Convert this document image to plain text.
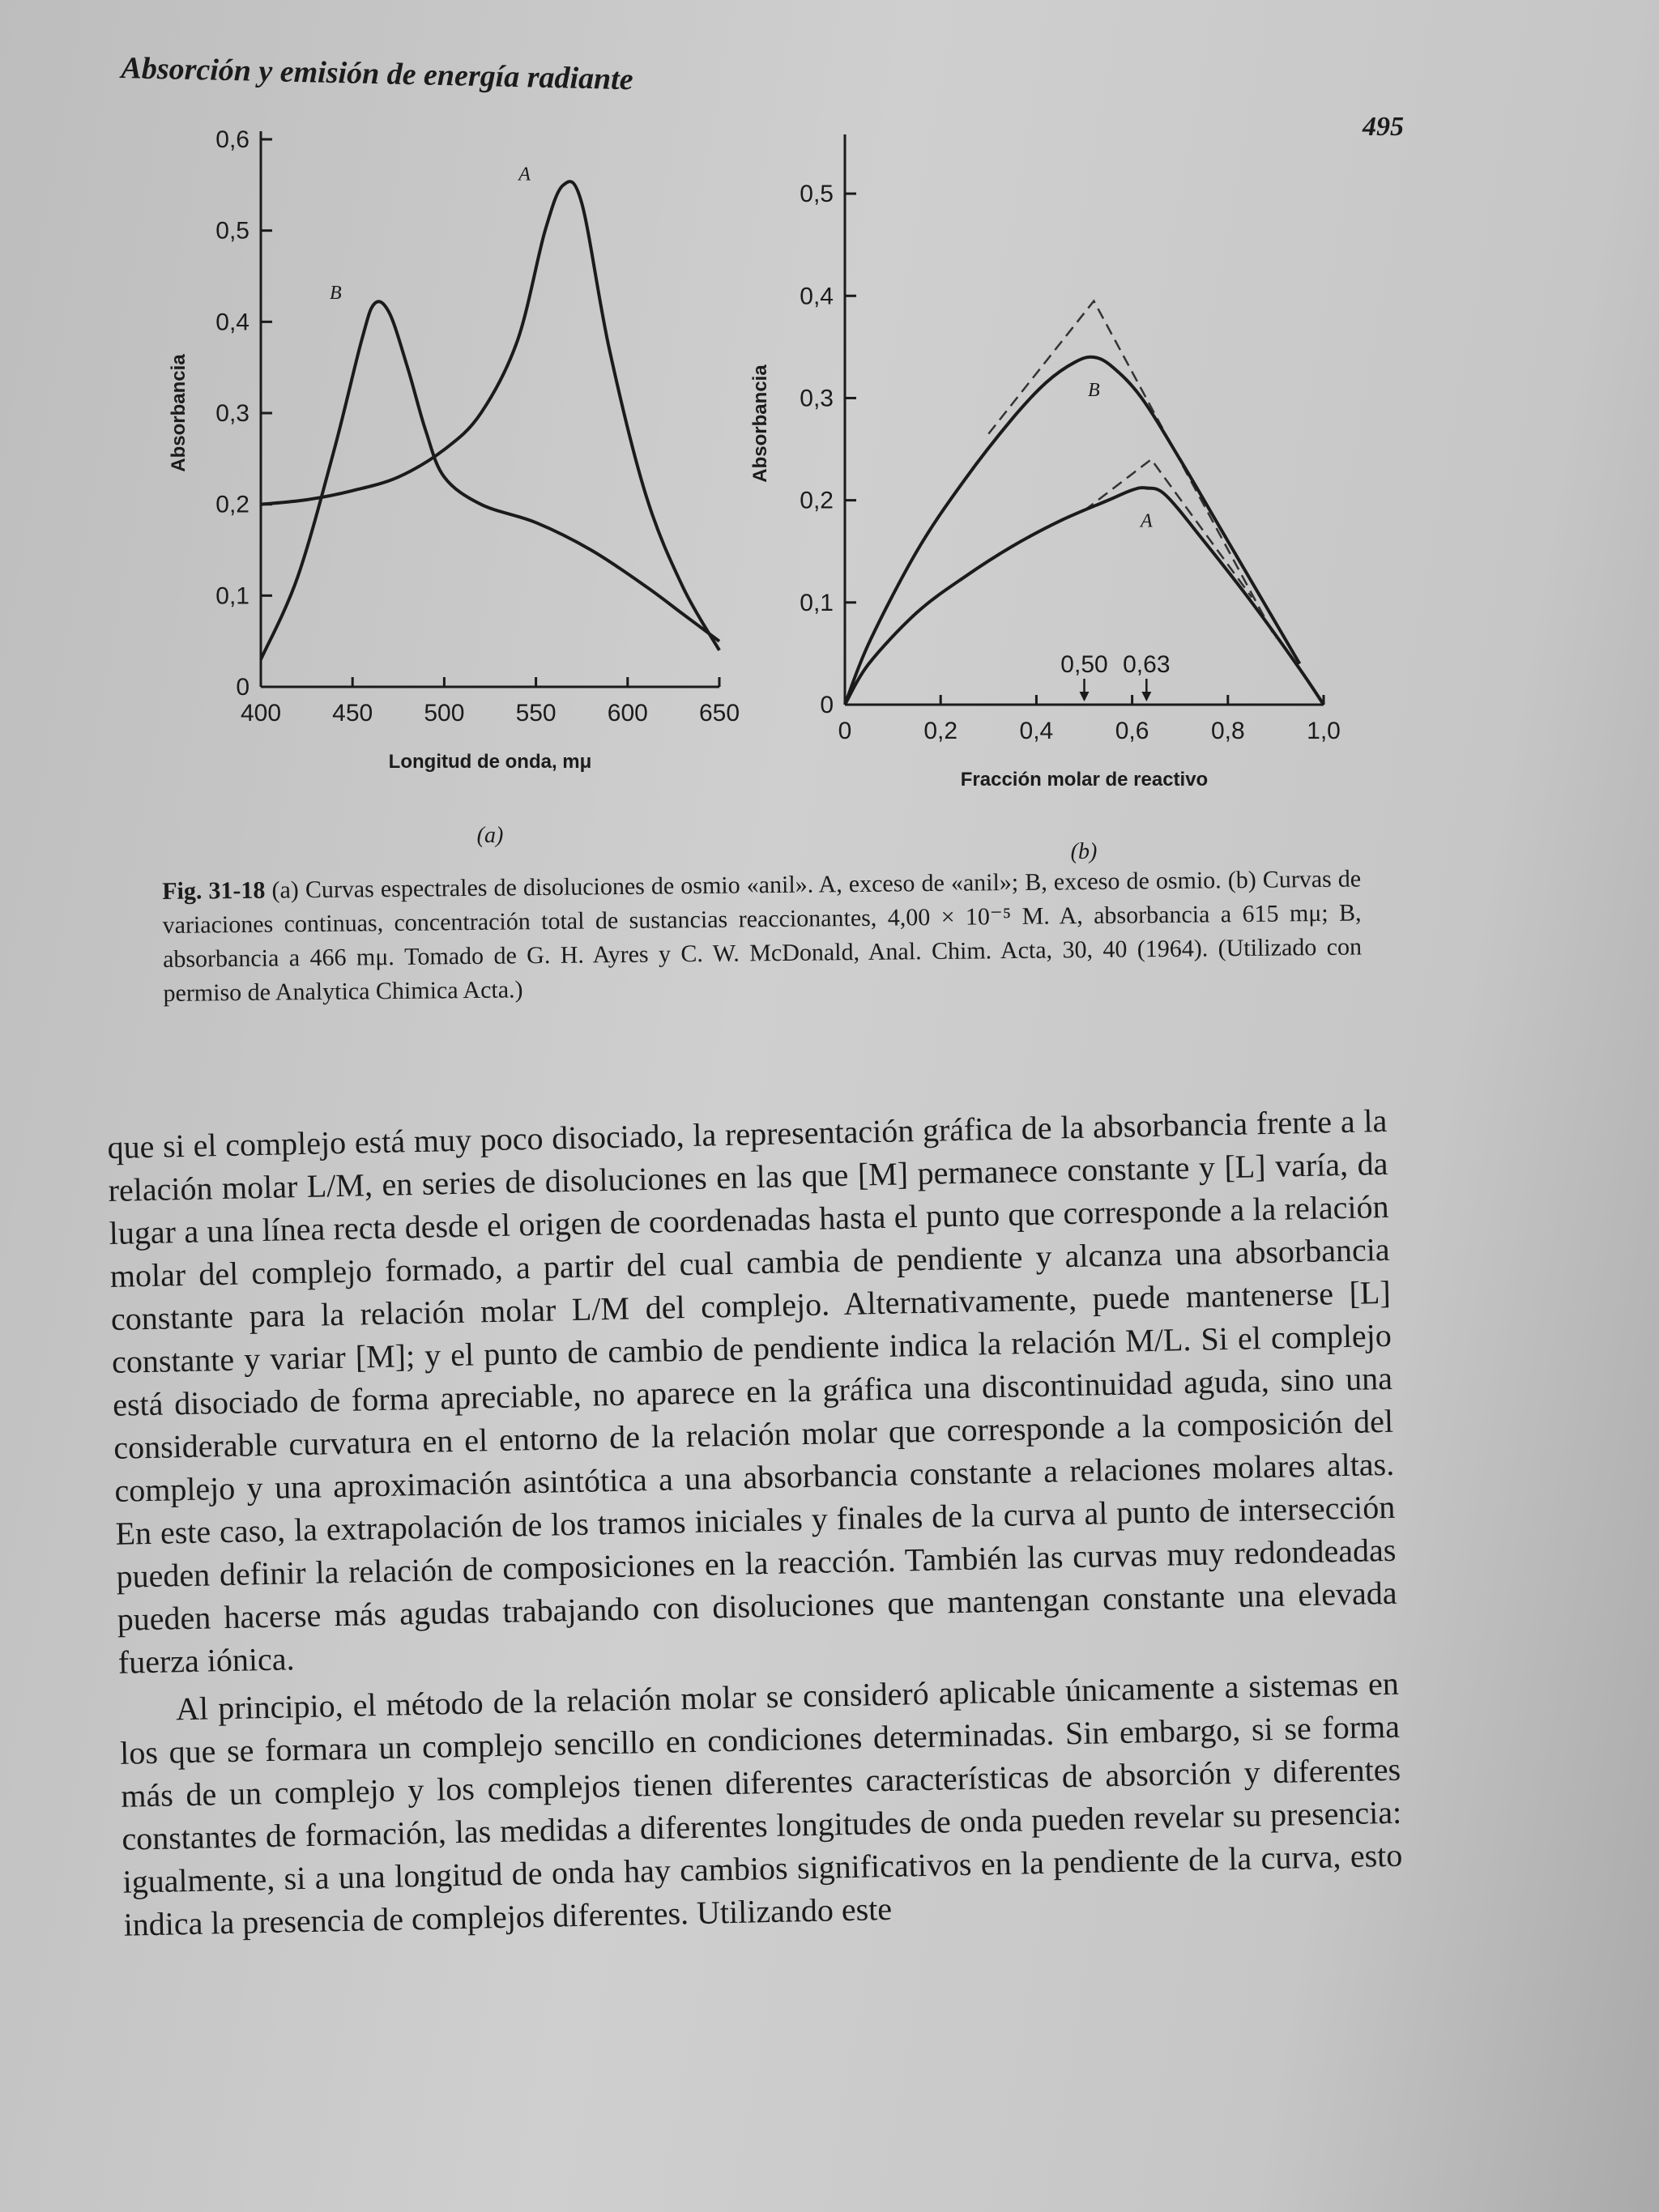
Absorción y emisión de energía radiante
495
400 450 500 550 600 650
0
0,1
0,2
0,3
0,4
0,5
0,6
Longitud de onda, mμ
Absorbancia
(a)
A
B
0	0,2	0,4	0,6	0,8	1,0
0
0,1
0,2
0,3
0,4
0,5
Fracción molar de reactivo
Absorbancia
(b)
B
A
0,50 0,63
Fig. 31-18 (a) Curvas espectrales de disoluciones de osmio «anil». A, exceso de «anil»; B, exceso de osmio. (b) Curvas de variaciones continuas, concentración total de sustancias reaccionantes, 4,00 × 10⁻⁵ M. A, absorbancia a 615 mμ; B, absorbancia a 466 mμ. Tomado de G. H. Ayres y C. W. McDonald, Anal. Chim. Acta, 30, 40 (1964). (Utilizado con permiso de Analytica Chimica Acta.)

que si el complejo está muy poco disociado, la representación gráfica de la absorbancia frente a la relación molar L/M, en series de disoluciones en las que [M] permanece constante y [L] varía, da lugar a una línea recta desde el origen de coordenadas hasta el punto que corresponde a la relación molar del complejo formado, a partir del cual cambia de pendiente y alcanza una absorbancia constante para la relación molar L/M del complejo. Alternativamente, puede mantenerse [L] constante y variar [M]; y el punto de cambio de pendiente indica la relación M/L. Si el complejo está disociado de forma apreciable, no aparece en la gráfica una discontinuidad aguda, sino una considerable curvatura en el entorno de la relación molar que corresponde a la composición del complejo y una aproximación asintótica a una absorbancia constante a relaciones molares altas. En este caso, la extrapolación de los tramos iniciales y finales de la curva al punto de intersección pueden definir la relación de composiciones en la reacción. También las curvas muy redondeadas pueden hacerse más agudas trabajando con disoluciones que mantengan constante una elevada fuerza iónica.

Al principio, el método de la relación molar se consideró aplicable únicamente a sistemas en los que se formara un complejo sencillo en condiciones determinadas. Sin embargo, si se forma más de un complejo y los complejos tienen diferentes características de absorción y diferentes constantes de formación, las medidas a diferentes longitudes de onda pueden revelar su presencia: igualmente, si a una longitud de onda hay cambios significativos en la pendiente de la curva, esto indica la presencia de complejos diferentes. Utilizando este
